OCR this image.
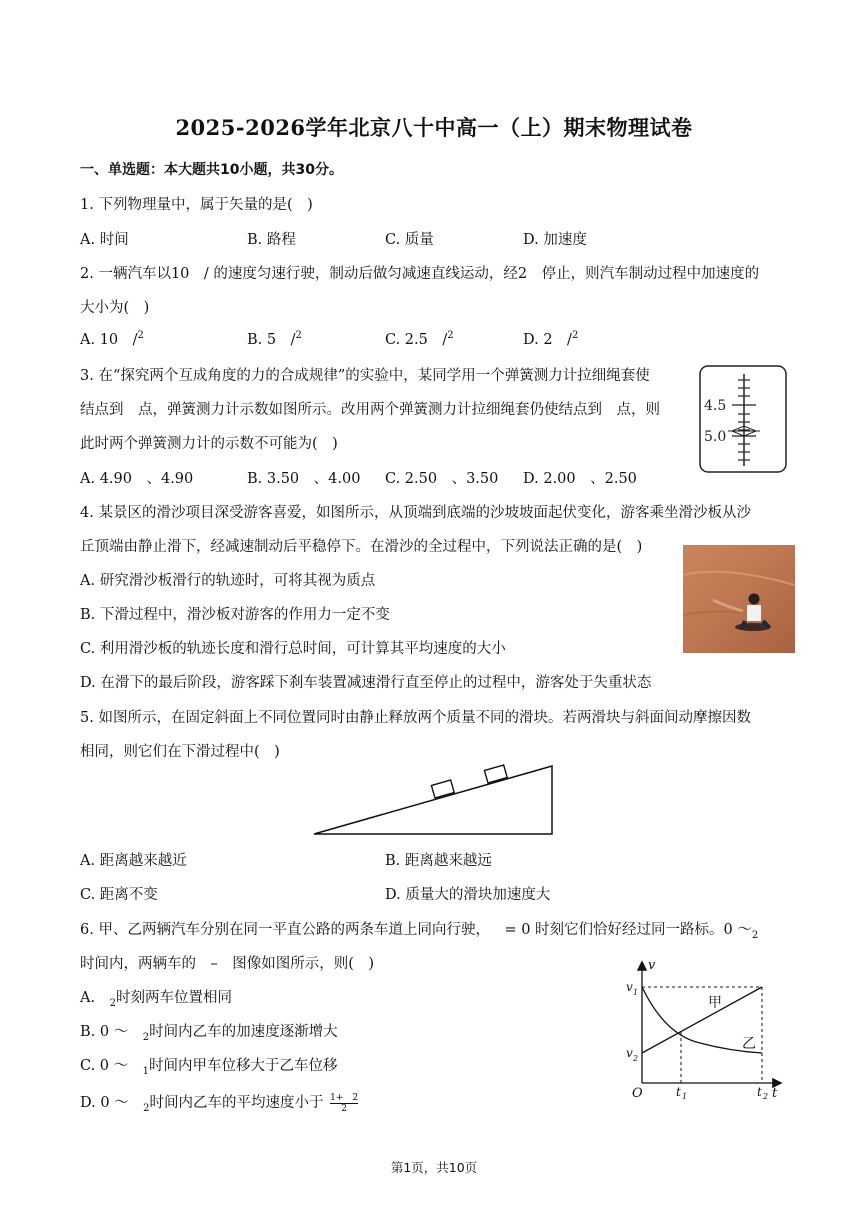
2025-2026学年北京八十中高一（上）期末物理试卷
一、单选题：本大题共10小题，共30分。
1. 下列物理量中，属于矢量的是( )
A. 时间	B. 路程	C. 质量	D. 加速度
2. 一辆汽车以10 / 的速度匀速行驶，制动后做匀减速直线运动，经2 停止，则汽车制动过程中加速度的
大小为( )
A. 10 /$^2$	B. 5 /$^2$	C. 2.5 /$^2$	D. 2 /$^2$
3. 在“探究两个互成角度的力的合成规律”的实验中，某同学用一个弹簧测力计拉细绳套使
结点到 点，弹簧测力计示数如图所示。改用两个弹簧测力计拉细绳套仍使结点到 点，则
此时两个弹簧测力计的示数不可能为( )
A. 4.90 、4.90	B. 3.50 、4.00 C. 2.50 、3.50 D. 2.00 、2.50
4.5
5.0
4. 某景区的滑沙项目深受游客喜爱，如图所示，从顶端到底端的沙坡坡面起伏变化，游客乘坐滑沙板从沙
丘顶端由静止滑下，经减速制动后平稳停下。在滑沙的全过程中，下列说法正确的是( )
A. 研究滑沙板滑行的轨迹时，可将其视为质点
B. 下滑过程中，滑沙板对游客的作用力一定不变
C. 利用滑沙板的轨迹长度和滑行总时间，可计算其平均速度的大小
D. 在滑下的最后阶段，游客踩下刹车装置减速滑行直至停止的过程中，游客处于失重状态
5. 如图所示，在固定斜面上不同位置同时由静止释放两个质量不同的滑块。若两滑块与斜面间动摩擦因数
相同，则它们在下滑过程中( )
A. 距离越来越近	B. 距离越来越远
C. 距离不变	D. 质量大的滑块加速度大
6. 甲、乙两辆汽车分别在同一平直公路的两条车道上同向行驶， = 0 时刻它们恰好经过同一路标。0 $\sim_2$
时间内，两辆车的 – 图像如图所示，则( )
A. $_2$时刻两车位置相同
B. 0 ～ $_2$时间内乙车的加速度逐渐增大
C. 0 ～ $_1$时间内甲车位移大于乙车位移
D. 0 ～ $_2$时间内乙车的平均速度小于 $\frac{1+ 2}{2}$
v
t
O
v 1
v 2
t 1	t 2
甲
乙
第1页，共10页
